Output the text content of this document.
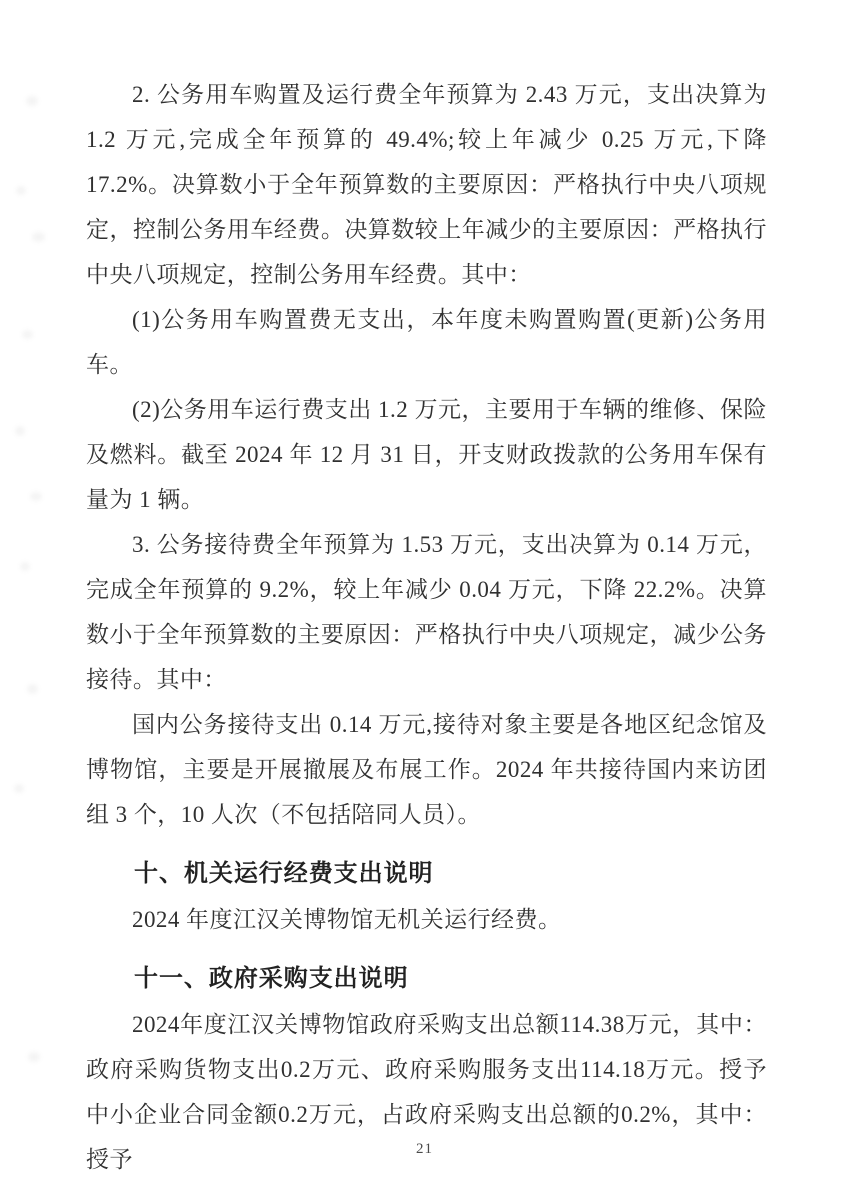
2. 公务用车购置及运行费全年预算为 2.43 万元，支出决算为 1.2 万元,完成全年预算的 49.4%;较上年减少 0.25 万元,下降 17.2%。决算数小于全年预算数的主要原因：严格执行中央八项规定，控制公务用车经费。决算数较上年减少的主要原因：严格执行中央八项规定，控制公务用车经费。其中：

(1)公务用车购置费无支出，本年度未购置购置(更新)公务用车。

(2)公务用车运行费支出 1.2 万元，主要用于车辆的维修、保险及燃料。截至 2024 年 12 月 31 日，开支财政拨款的公务用车保有量为 1 辆。

3. 公务接待费全年预算为 1.53 万元，支出决算为 0.14 万元，完成全年预算的 9.2%，较上年减少 0.04 万元，下降 22.2%。决算数小于全年预算数的主要原因：严格执行中央八项规定，减少公务接待。其中：

国内公务接待支出 0.14 万元,接待对象主要是各地区纪念馆及博物馆，主要是开展撤展及布展工作。2024 年共接待国内来访团组 3 个，10 人次（不包括陪同人员）。

十、机关运行经费支出说明

2024 年度江汉关博物馆无机关运行经费。

十一、政府采购支出说明

2024年度江汉关博物馆政府采购支出总额114.38万元，其中：政府采购货物支出0.2万元、政府采购服务支出114.18万元。授予中小企业合同金额0.2万元，占政府采购支出总额的0.2%，其中：授予	21
